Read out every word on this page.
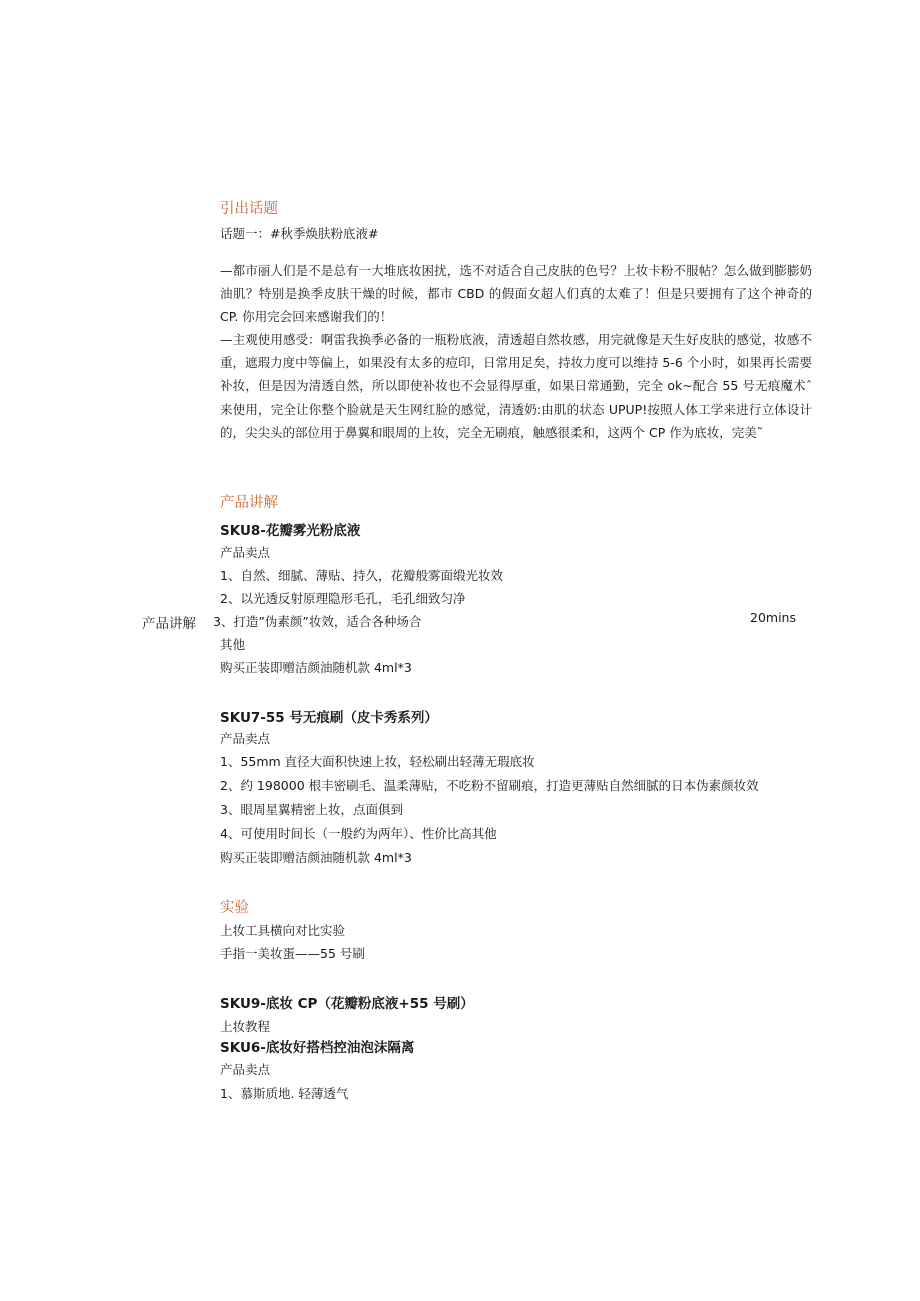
引出话题
话题一：#秋季焕肤粉底液#
—都市丽人们是不是总有一大堆底妆困扰，选不对适合自己皮肤的色号？上妆卡粉不服帖？怎么做到膨膨奶油肌？特别是换季皮肤干燥的时候，都市 CBD 的假面女超人们真的太难了！但是只要拥有了这个神奇的 CP. 你用完会回来感谢我们的！
—主观使用感受：啊雷我换季必备的一瓶粉底液，清透超自然妆感，用完就像是天生好皮肤的感觉，妆感不重，遮瑕力度中等偏上，如果没有太多的痘印，日常用足矣，持妆力度可以维持 5-6 个小时，如果再长需要补妆，但是因为清透自然，所以即使补妆也不会显得厚重，如果日常通勤，完全 ok~配合 55 号无痕魔术ˆ来使用，完全让你整个脸就是天生网红脸的感觉，清透奶:由肌的状态 UPUP!按照人体工学来进行立体设计的，尖尖头的部位用于鼻翼和眼周的上妆，完全无刷痕，触感很柔和，这两个 CP 作为底妆，完美˜
产品讲解
SKU8-花瓣雾光粉底液
产品卖点
1、自然、细腻、薄贴、持久，花瓣般雾面缎光妆效
2、以光透反射原理隐形毛孔，毛孔细致匀净
产品讲解 3、打造”伪素颜”妆效，适合各种场合	20mins
其他
购买正装即赠洁颜油随机款 4ml*3
SKU7-55 号无痕刷（皮卡秀系列）
产品卖点
1、55mm 直径大面积快速上妆，轻松刷出轻薄无瑕底妆
2、约 198000 根丰密刷毛、温柔薄贴，不吃粉不留刷痕，打造更薄贴自然细腻的日本伪素颜妆效
3、眼周星翼精密上妆，点面俱到
4、可使用时间长（一般约为两年）、性价比高其他
购买正装即赠洁颜油随机款 4ml*3
实验
上妆工具横向对比实验
手指一美妆蛋——55 号刷
SKU9-底妆 CP（花瓣粉底液+55 号刷）
上妆教程
SKU6-底妆好搭档控油泡沫隔离
产品卖点
1、慕斯质地. 轻薄透气
